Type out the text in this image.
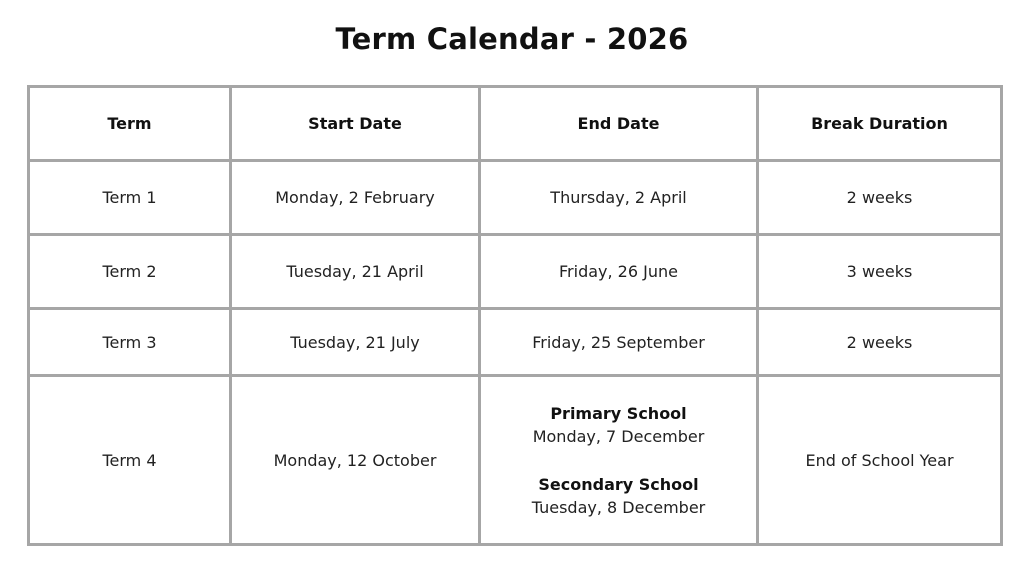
Term Calendar - 2026
Term	Start Date	End Date	Break Duration
Term 1	Monday, 2 February	Thursday, 2 April	2 weeks
Term 2	Tuesday, 21 April	Friday, 26 June	3 weeks
Term 3	Tuesday, 21 July	Friday, 25 September	2 weeks
Term 4	Monday, 12 October	Primary School
Monday, 7 December
Secondary School
Tuesday, 8 December	End of School Year
